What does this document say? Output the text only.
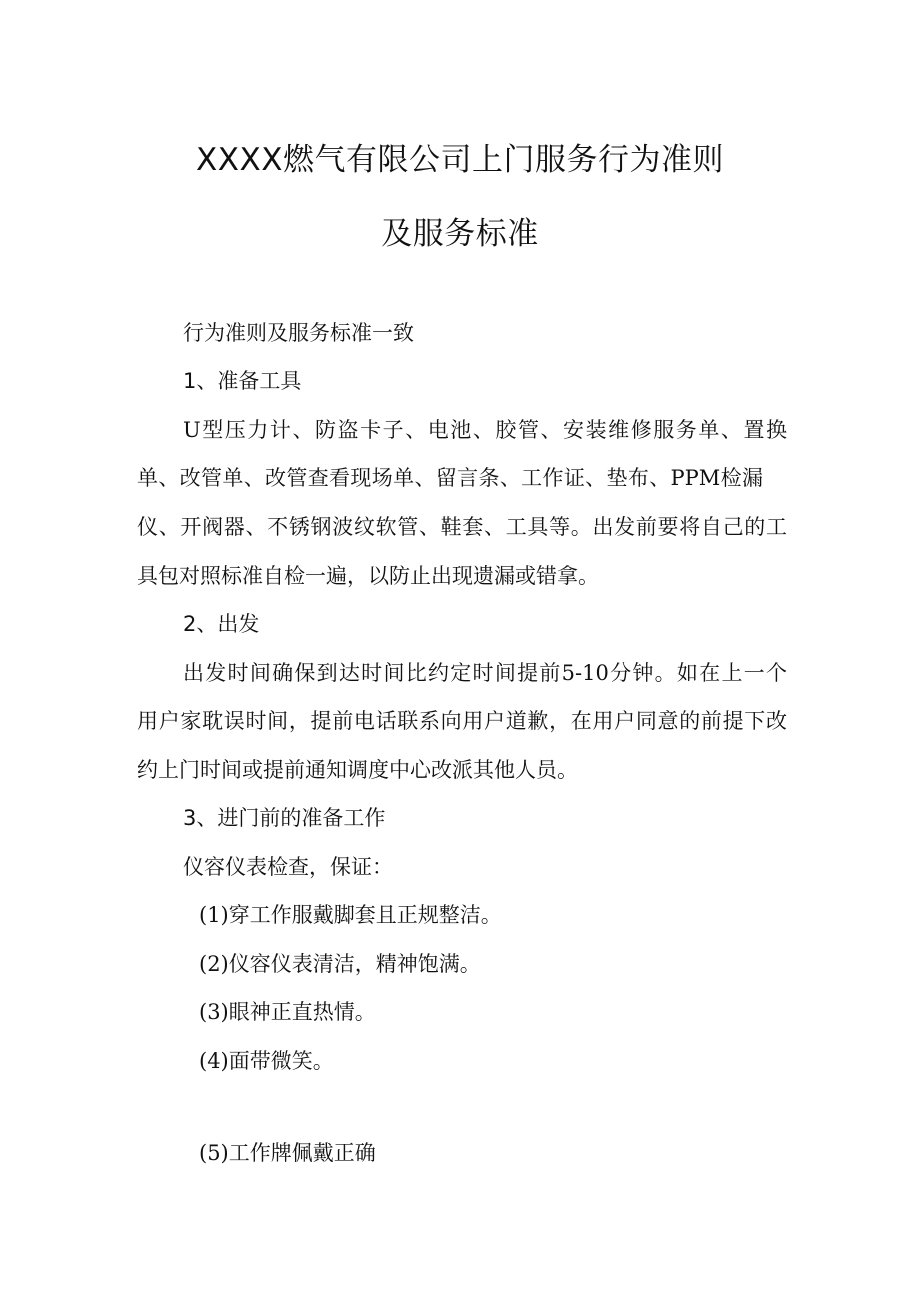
XXXX燃气有限公司上门服务行为准则
及服务标准

行为准则及服务标准一致

1、准备工具

U型压力计、防盗卡子、电池、胶管、安装维修服务单、置换

单、改管单、改管查看现场单、留言条、工作证、垫布、PPM检漏

仪、开阀器、不锈钢波纹软管、鞋套、工具等。出发前要将自己的工

具包对照标准自检一遍，以防止出现遗漏或错拿。

2、出发

出发时间确保到达时间比约定时间提前5-10分钟。如在上一个

用户家耽误时间，提前电话联系向用户道歉，在用户同意的前提下改

约上门时间或提前通知调度中心改派其他人员。

3、进门前的准备工作

仪容仪表检查，保证：

(1)穿工作服戴脚套且正规整洁。

(2)仪容仪表清洁，精神饱满。

(3)眼神正直热情。

(4)面带微笑。

(5)工作牌佩戴正确
